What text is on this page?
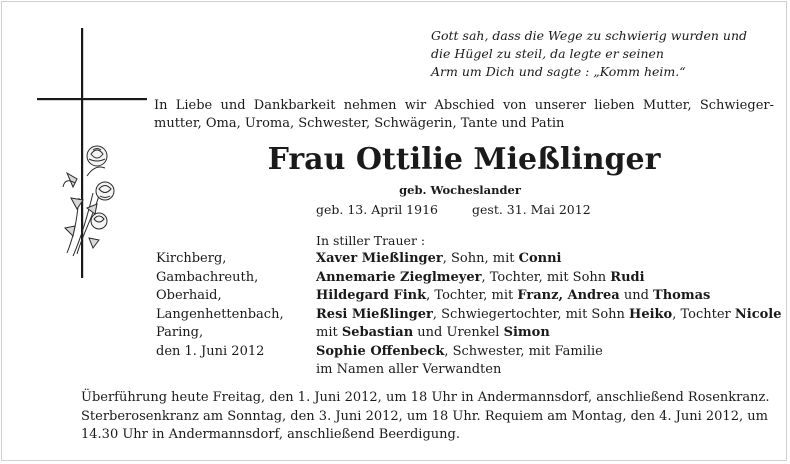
Gott sah, dass die Wege zu schwierig wurden und
die Hügel zu steil, da legte er seinen
Arm um Dich und sagte : „Komm heim.“
In Liebe und Dankbarkeit nehmen wir Abschied von unserer lieben Mutter, Schwieger-mutter, Oma, Uroma, Schwester, Schwägerin, Tante und Patin
Frau Ottilie Mießlinger
geb. Wocheslander
geb. 13. April 1916	gest. 31. Mai 2012
In stiller Trauer :
Kirchberg,
Gambachreuth,
Oberhaid,
Langenhettenbach,
Paring,
den 1. Juni 2012
Xaver Mießlinger, Sohn, mit Conni
Annemarie Zieglmeyer, Tochter, mit Sohn Rudi
Hildegard Fink, Tochter, mit Franz, Andrea und Thomas
Resi Mießlinger, Schwiegertochter, mit Sohn Heiko, Tochter Nicole
mit Sebastian und Urenkel Simon
Sophie Offenbeck, Schwester, mit Familie
im Namen aller Verwandten
Überführung heute Freitag, den 1. Juni 2012, um 18 Uhr in Andermannsdorf, anschließend Rosenkranz.
Sterberosenkranz am Sonntag, den 3. Juni 2012, um 18 Uhr. Requiem am Montag, den 4. Juni 2012, um
14.30 Uhr in Andermannsdorf, anschließend Beerdigung.
